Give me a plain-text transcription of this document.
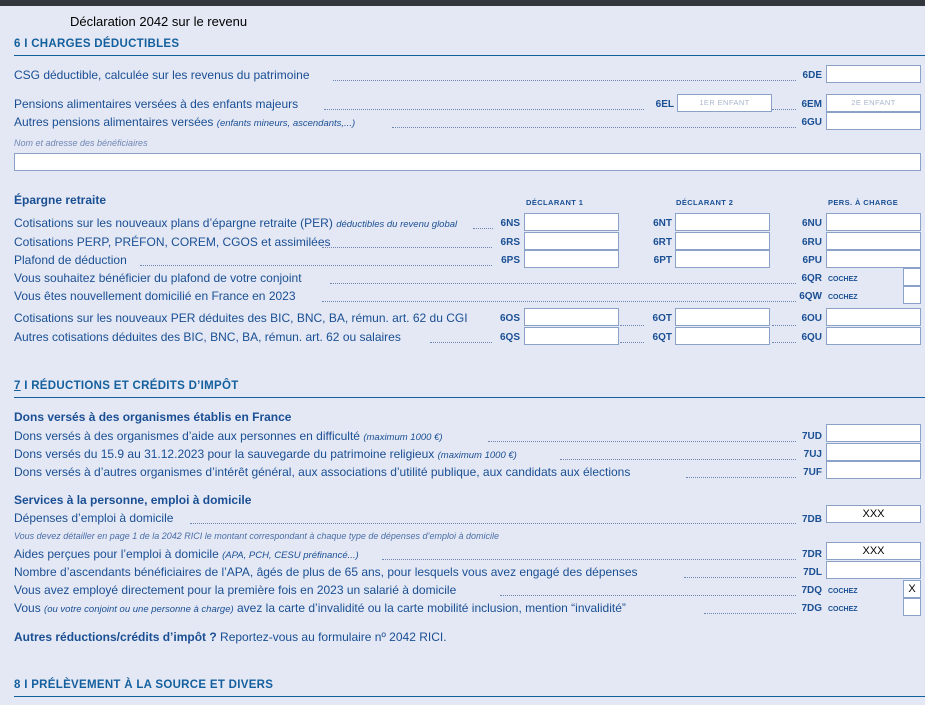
Déclaration 2042 sur le revenu
6 I CHARGES DÉDUCTIBLES
CSG déductible, calculée sur les revenus du patrimoine	6DE
Pensions alimentaires versées à des enfants majeurs	6EL	1ER ENFANT	6EM	2E ENFANT
Autres pensions alimentaires versées (enfants mineurs, ascendants,...)	6GU
Nom et adresse des bénéficiaires
Épargne retraite	DÉCLARANT 1	DÉCLARANT 2	PERS. À CHARGE
Cotisations sur les nouveaux plans d’épargne retraite (PER) déductibles du revenu global	6NS	6NT	6NU
Cotisations PERP, PRÉFON, COREM, CGOS et assimilées	6RS	6RT	6RU
Plafond de déduction	6PS	6PT	6PU
Vous souhaitez bénéficier du plafond de votre conjoint	6QR COCHEZ
Vous êtes nouvellement domicilié en France en 2023	6QW COCHEZ
Cotisations sur les nouveaux PER déduites des BIC, BNC, BA, rémun. art. 62 du CGI	6OS	6OT	6OU
Autres cotisations déduites des BIC, BNC, BA, rémun. art. 62 ou salaires	6QS	6QT	6QU
7 I RÉDUCTIONS ET CRÉDITS D’IMPÔT
Dons versés à des organismes établis en France
Dons versés à des organismes d’aide aux personnes en difficulté (maximum 1000 €)	7UD
Dons versés du 15.9 au 31.12.2023 pour la sauvegarde du patrimoine religieux (maximum 1000 €)	7UJ
Dons versés à d’autres organismes d’intérêt général, aux associations d’utilité publique, aux candidats aux élections	7UF
Services à la personne, emploi à domicile
Dépenses d’emploi à domicile	7DB	XXX
Vous devez détailler en page 1 de la 2042 RICI le montant correspondant à chaque type de dépenses d’emploi à domicile
Aides perçues pour l’emploi à domicile (APA, PCH, CESU préfinancé...)	7DR	XXX
Nombre d’ascendants bénéficiaires de l’APA, âgés de plus de 65 ans, pour lesquels vous avez engagé des dépenses	7DL
Vous avez employé directement pour la première fois en 2023 un salarié à domicile	7DQ COCHEZ	X
Vous (ou votre conjoint ou une personne à charge) avez la carte d’invalidité ou la carte mobilité inclusion, mention “invalidité”	7DG COCHEZ
Autres réductions/crédits d’impôt ? Reportez-vous au formulaire nº 2042 RICI.
8 I PRÉLÈVEMENT À LA SOURCE ET DIVERS
